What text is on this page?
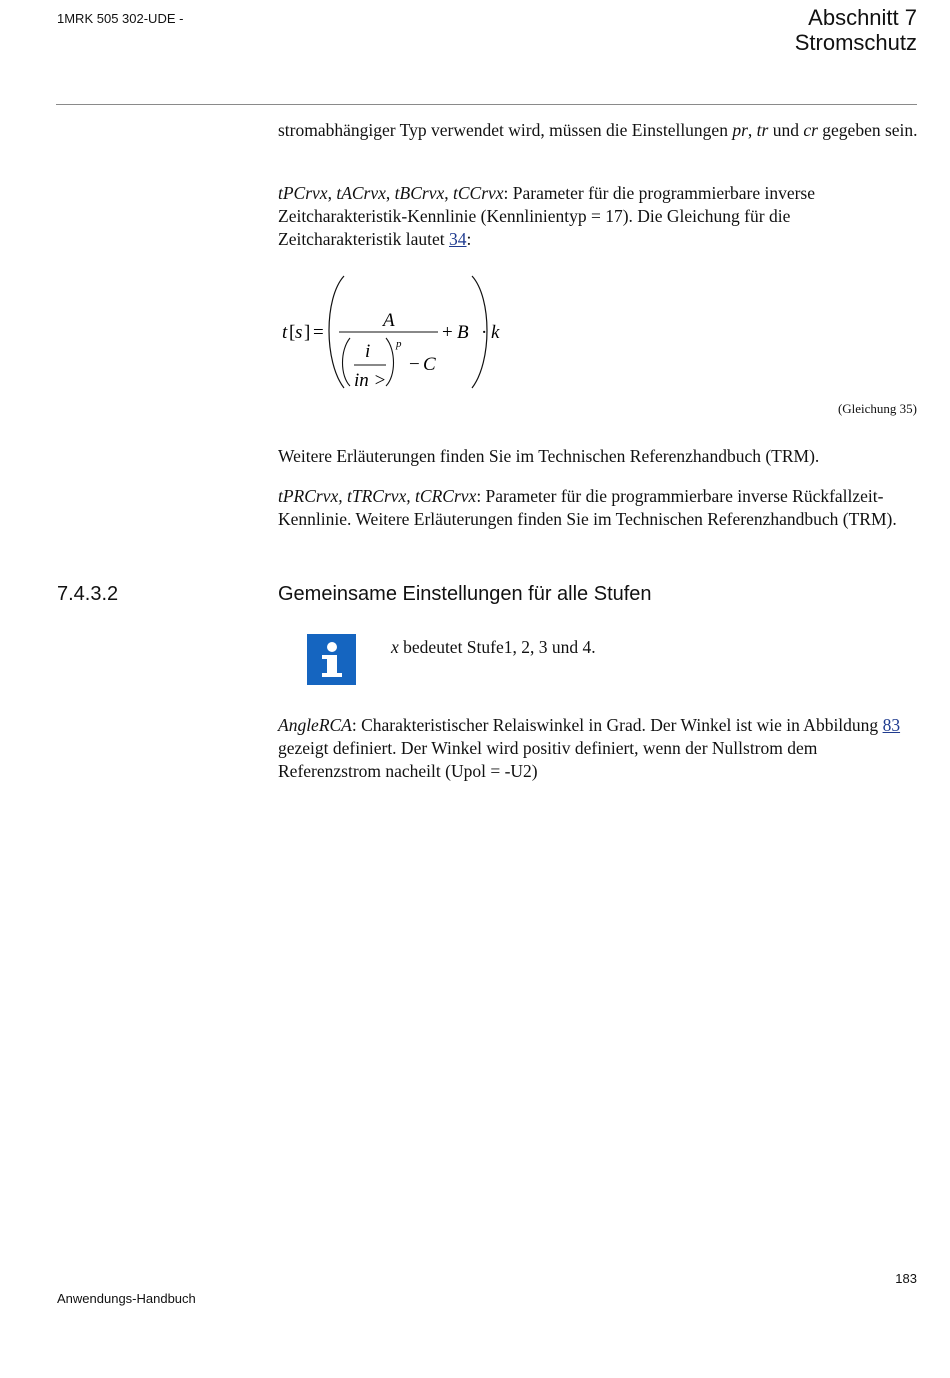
1MRK 505 302-UDE -	Abschnitt 7
Stromschutz
stromabhängiger Typ verwendet wird, müssen die Einstellungen pr, tr und cr gegeben sein.
tPCrvx, tACrvx, tBCrvx, tCCrvx: Parameter für die programmierbare inverse Zeitcharakteristik-Kennlinie (Kennlinientyp = 17). Die Gleichung für die Zeitcharakteristik lautet 34:
t [ s ] =
A
i
in >
p
− C
+ B · k
(Gleichung 35)
Weitere Erläuterungen finden Sie im Technischen Referenzhandbuch (TRM).
tPRCrvx, tTRCrvx, tCRCrvx: Parameter für die programmierbare inverse Rückfallzeit-Kennlinie. Weitere Erläuterungen finden Sie im Technischen Referenzhandbuch (TRM).
7.4.3.2	Gemeinsame Einstellungen für alle Stufen
x bedeutet Stufe1, 2, 3 und 4.
AngleRCA: Charakteristischer Relaiswinkel in Grad. Der Winkel ist wie in Abbildung 83 gezeigt definiert. Der Winkel wird positiv definiert, wenn der Nullstrom dem Referenzstrom nacheilt (Upol = -U2)
183
Anwendungs-Handbuch
